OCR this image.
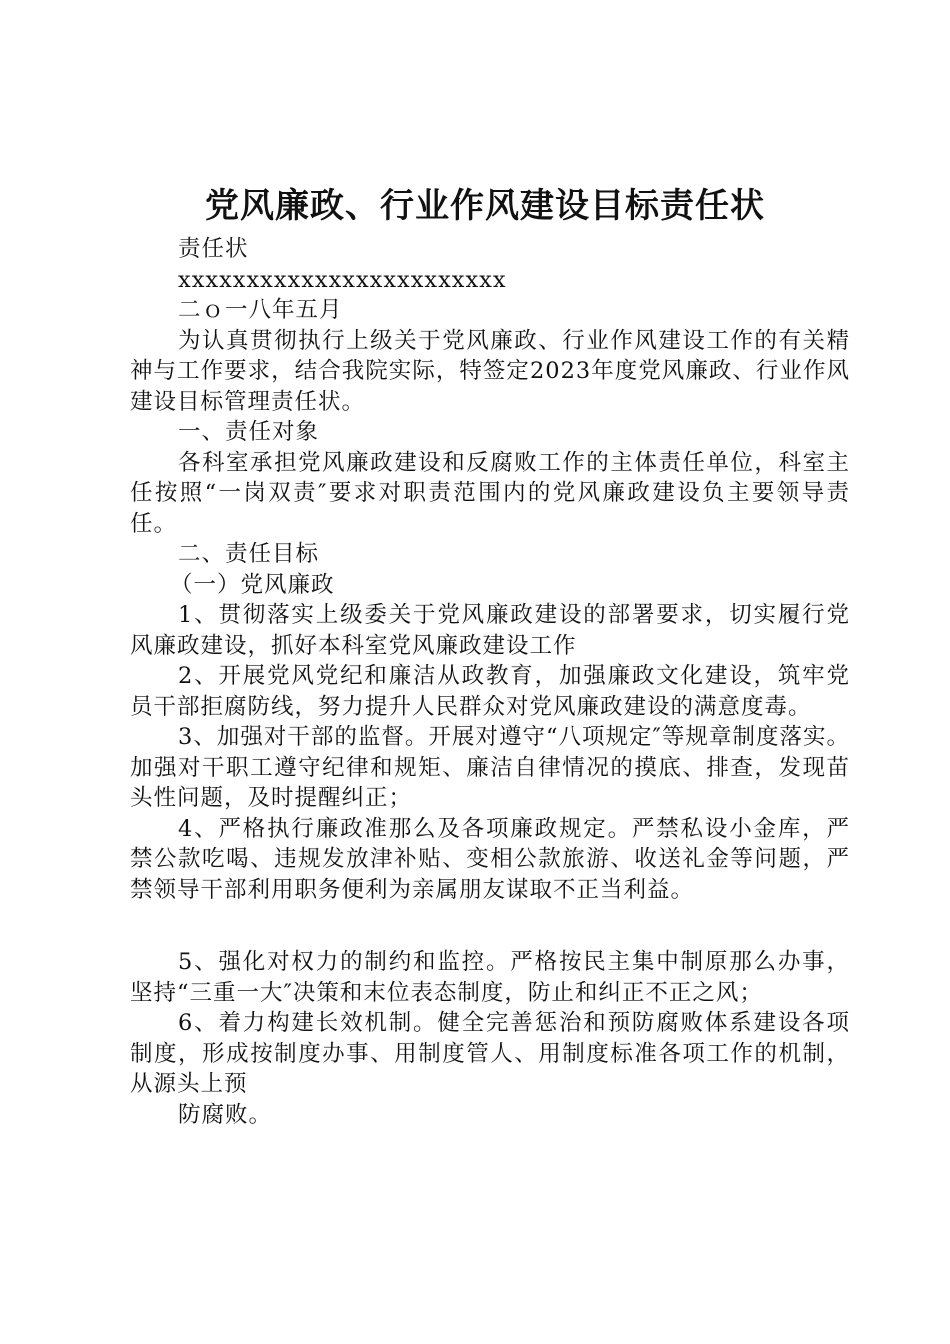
党风廉政、行业作风建设目标责任状

责任状

xxxxxxxxxxxxxxxxxxxxxxxx

二ｏ一八年五月

为认真贯彻执行上级关于党风廉政、行业作风建设工作的有关精神与工作要求，结合我院实际，特签定2023年度党风廉政、行业作风建设目标管理责任状。

一、责任对象

各科室承担党风廉政建设和反腐败工作的主体责任单位，科室主任按照“一岗双责″要求对职责范围内的党风廉政建设负主要领导责任。

二、责任目标

（一）党风廉政

1、贯彻落实上级委关于党风廉政建设的部署要求，切实履行党风廉政建设，抓好本科室党风廉政建设工作

2、开展党风党纪和廉洁从政教育，加强廉政文化建设，筑牢党员干部拒腐防线，努力提升人民群众对党风廉政建设的满意度毒。

3、加强对干部的监督。开展对遵守“八项规定″等规章制度落实。加强对干职工遵守纪律和规矩、廉洁自律情况的摸底、排查，发现苗头性问题，及时提醒纠正；

4、严格执行廉政准那么及各项廉政规定。严禁私设小金库，严禁公款吃喝、违规发放津补贴、变相公款旅游、收送礼金等问题，严禁领导干部利用职务便利为亲属朋友谋取不正当利益。

5、强化对权力的制约和监控。严格按民主集中制原那么办事，坚持“三重一大″决策和末位表态制度，防止和纠正不正之风；

6、着力构建长效机制。健全完善惩治和预防腐败体系建设各项制度，形成按制度办事、用制度管人、用制度标准各项工作的机制，从源头上预

防腐败。
